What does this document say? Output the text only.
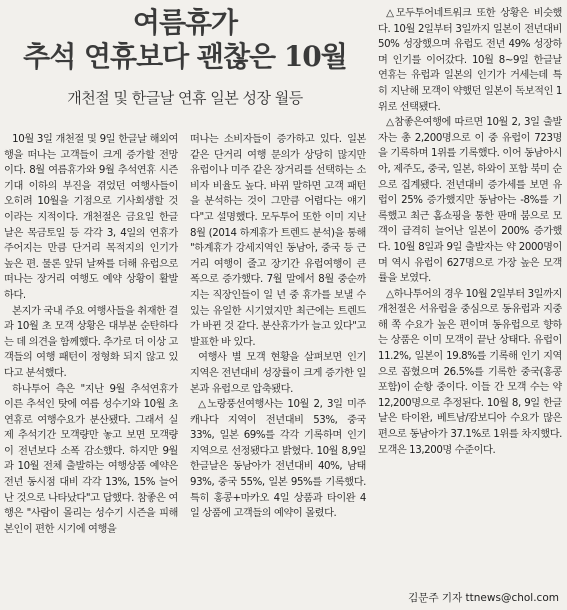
여름휴가
추석 연휴보다 괜찮은 10월
개천절 및 한글날 연휴 일본 성장 월등

10월 3일 개천절 및 9일 한글날 해외여행을 떠나는 고객들이 크게 증가할 전망이다. 8월 여름휴가와 9월 추석연휴 시즌 기대 이하의 부진을 겪었던 여행사들이 오히려 10월을 기점으로 기사회생할 것이라는 지적이다. 개천절은 금요일 한글날은 목금토일 등 각각 3, 4일의 연휴가 주어지는 만큼 단거리 목적지의 인기가 높은 편. 물론 앞뒤 날짜를 더해 유럽으로 떠나는 장거리 여행도 예약 상황이 활발하다.

본지가 국내 주요 여행사들을 취재한 결과 10월 초 모객 상황은 대부분 순탄하다는 데 의견을 함께했다. 추가로 더 이상 고객들의 여행 패턴이 정형화 되지 않고 있다고 분석했다.

하나투어 측은 "지난 9월 추석연휴가 이른 추석인 탓에 여름 성수기와 10월 초 연휴로 여행수요가 분산됐다. 그래서 실제 추석기간 모객량만 놓고 보면 모객량이 전년보다 소폭 감소했다. 하지만 9월과 10월 전체 출발하는 여행상품 예약은 전년 동시점 대비 각각 13%, 15% 늘어난 것으로 나타났다"고 답했다. 참좋은 여행은 "사람이 몰리는 성수기 시즌을 피해 본인이 편한 시기에 여행을

떠나는 소비자들이 증가하고 있다. 일본 같은 단거리 여행 문의가 상당히 많지만 유럽이나 미주 같은 장거리를 선택하는 소비자 비율도 높다. 바뀌 말하면 고객 패턴을 분석하는 것이 그만큼 어렵다는 얘기다"고 설명했다. 모두투어 또한 이미 지난 8월 (2014 하계휴가 트렌드 분석)을 통해 "하계휴가 강세지역인 동남아, 중국 등 근거리 여행이 줄고 장기간 유럽여행이 큰 폭으로 증가했다. 7월 말에서 8월 중순까지는 직장인들이 일 년 중 휴가를 보낼 수 있는 유일한 시기였지만 최근에는 트렌드가 바뀐 것 같다. 분산휴가가 늘고 있다"고 발표한 바 있다.

여행사 별 모객 현황을 살펴보면 인기 지역은 전년대비 성장률이 크게 증가한 일본과 유럽으로 압축됐다.

△노랑풍선여행사는 10월 2, 3일 미주캐나다 지역이 전년대비 53%, 중국 33%, 일본 69%를 각각 기록하며 인기 지역으로 선정됐다고 밝혔다. 10월 8,9일 한글날은 동남아가 전년대비 40%, 남태 93%, 중국 55%, 일본 95%를 기록했다. 특히 홍콩+마카오 4일 상품과 타이완 4일 상품에 고객들의 예약이 몰렸다.

△모두투어네트워크 또한 상황은 비슷했다. 10월 2일부터 3일까지 일본이 전년대비 50% 성장했으며 유럽도 전년 49% 성장하며 인기를 이어갔다. 10월 8~9일 한글날 연휴는 유럽과 일본의 인기가 거세는데 특히 지난해 모객이 약했던 일본이 독보적인 1위로 선택됐다.

△참좋은여행에 따르면 10월 2, 3일 출발자는 총 2,200명으로 이 중 유럽이 723명을 기록하며 1위를 기록했다. 이어 동남아시아, 제주도, 중국, 일본, 하와이 포함 북미 순으로 집계됐다. 전년대비 증가세를 보면 유럽이 25% 증가했지만 동남아는 -8%를 기록했고 최근 홈쇼핑을 통한 판매 붐으로 모객이 급격히 늘어난 일본이 200% 증가했다. 10월 8일과 9일 출발자는 약 2000명이며 역시 유럽이 627명으로 가장 높은 모객률을 보였다.

△하나투어의 경우 10월 2일부터 3일까지 개천절은 서유럽을 중심으로 동유럽과 지중해 쪽 수요가 높은 편이며 동유럽으로 향하는 상품은 이미 모객이 끝난 상태다. 유럽이 11.2%, 일본이 19.8%를 기록해 인기 지역으로 꼽혔으며 26.5%를 기록한 중국(홍콩 포함)이 순항 중이다. 이들 간 모객 수는 약 12,200명으로 추정된다. 10월 8, 9일 한글날은 타이완, 베트남/캄보디아 수요가 많은 편으로 동남아가 37.1%로 1위를 차지했다. 모객은 13,200명 수준이다.

김문주 기자 ttnews@chol.com
